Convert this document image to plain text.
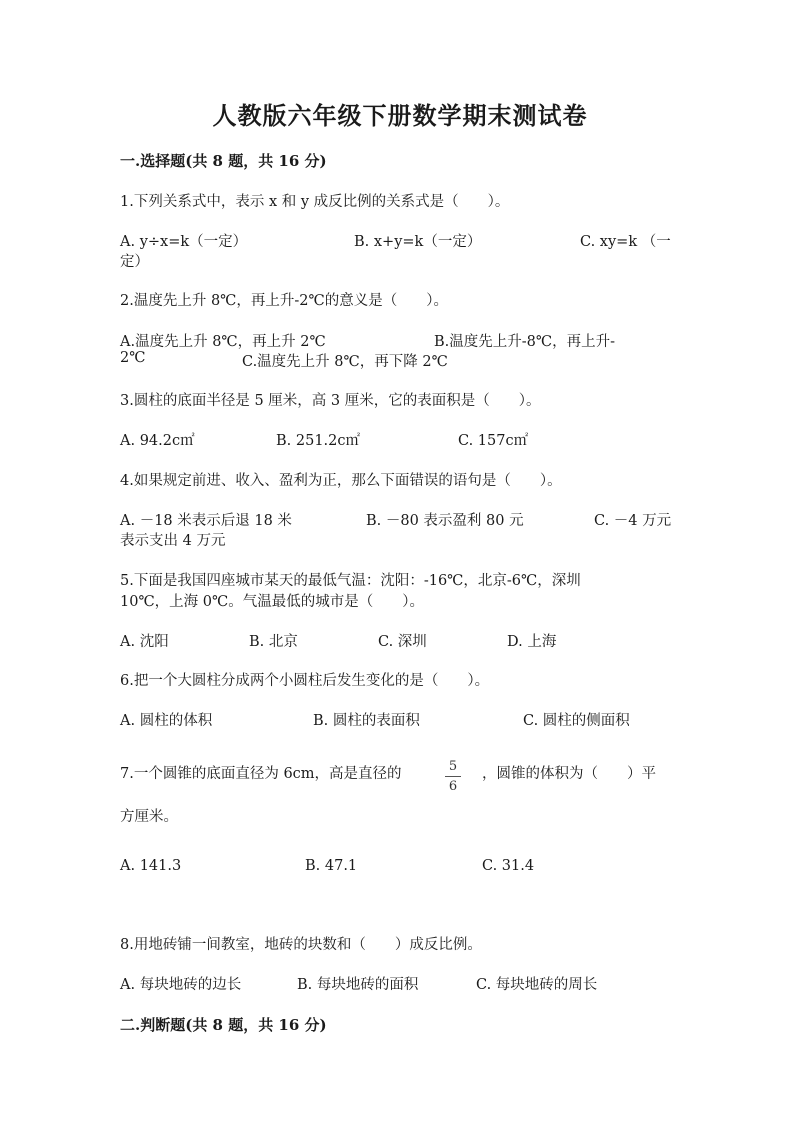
人教版六年级下册数学期末测试卷
一.选择题(共 8 题，共 16 分)
1.下列关系式中，表示 x 和 y 成反比例的关系式是（　　）。
A. y÷x=k（一定）	B. x+y=k（一定）	C. xy=k （一
定）
2.温度先上升 8℃，再上升-2℃的意义是（　　）。
A.温度先上升 8℃，再上升 2℃	B.温度先上升-8℃，再上升-
2℃	C.温度先上升 8℃，再下降 2℃
3.圆柱的底面半径是 5 厘米，高 3 厘米，它的表面积是（　　）。
A. 94.2c㎡	B. 251.2c㎡	C. 157c㎡
4.如果规定前进、收入、盈利为正，那么下面错误的语句是（　　）。
A. －18 米表示后退 18 米	B. －80 表示盈利 80 元	C. －4 万元
表示支出 4 万元
5.下面是我国四座城市某天的最低气温：沈阳：-16℃，北京-6℃，深圳
10℃，上海 0℃。气温最低的城市是（　　）。
A. 沈阳	B. 北京	C. 深圳	D. 上海
6.把一个大圆柱分成两个小圆柱后发生变化的是（　　）。
A. 圆柱的体积	B. 圆柱的表面积	C. 圆柱的侧面积
7.一个圆锥的底面直径为 6cm，高是直径的	5
6
，圆锥的体积为（　　）平
方厘米。
A. 141.3	B. 47.1	C. 31.4
8.用地砖铺一间教室，地砖的块数和（　　）成反比例。
A. 每块地砖的边长	B. 每块地砖的面积	C. 每块地砖的周长
二.判断题(共 8 题，共 16 分)
